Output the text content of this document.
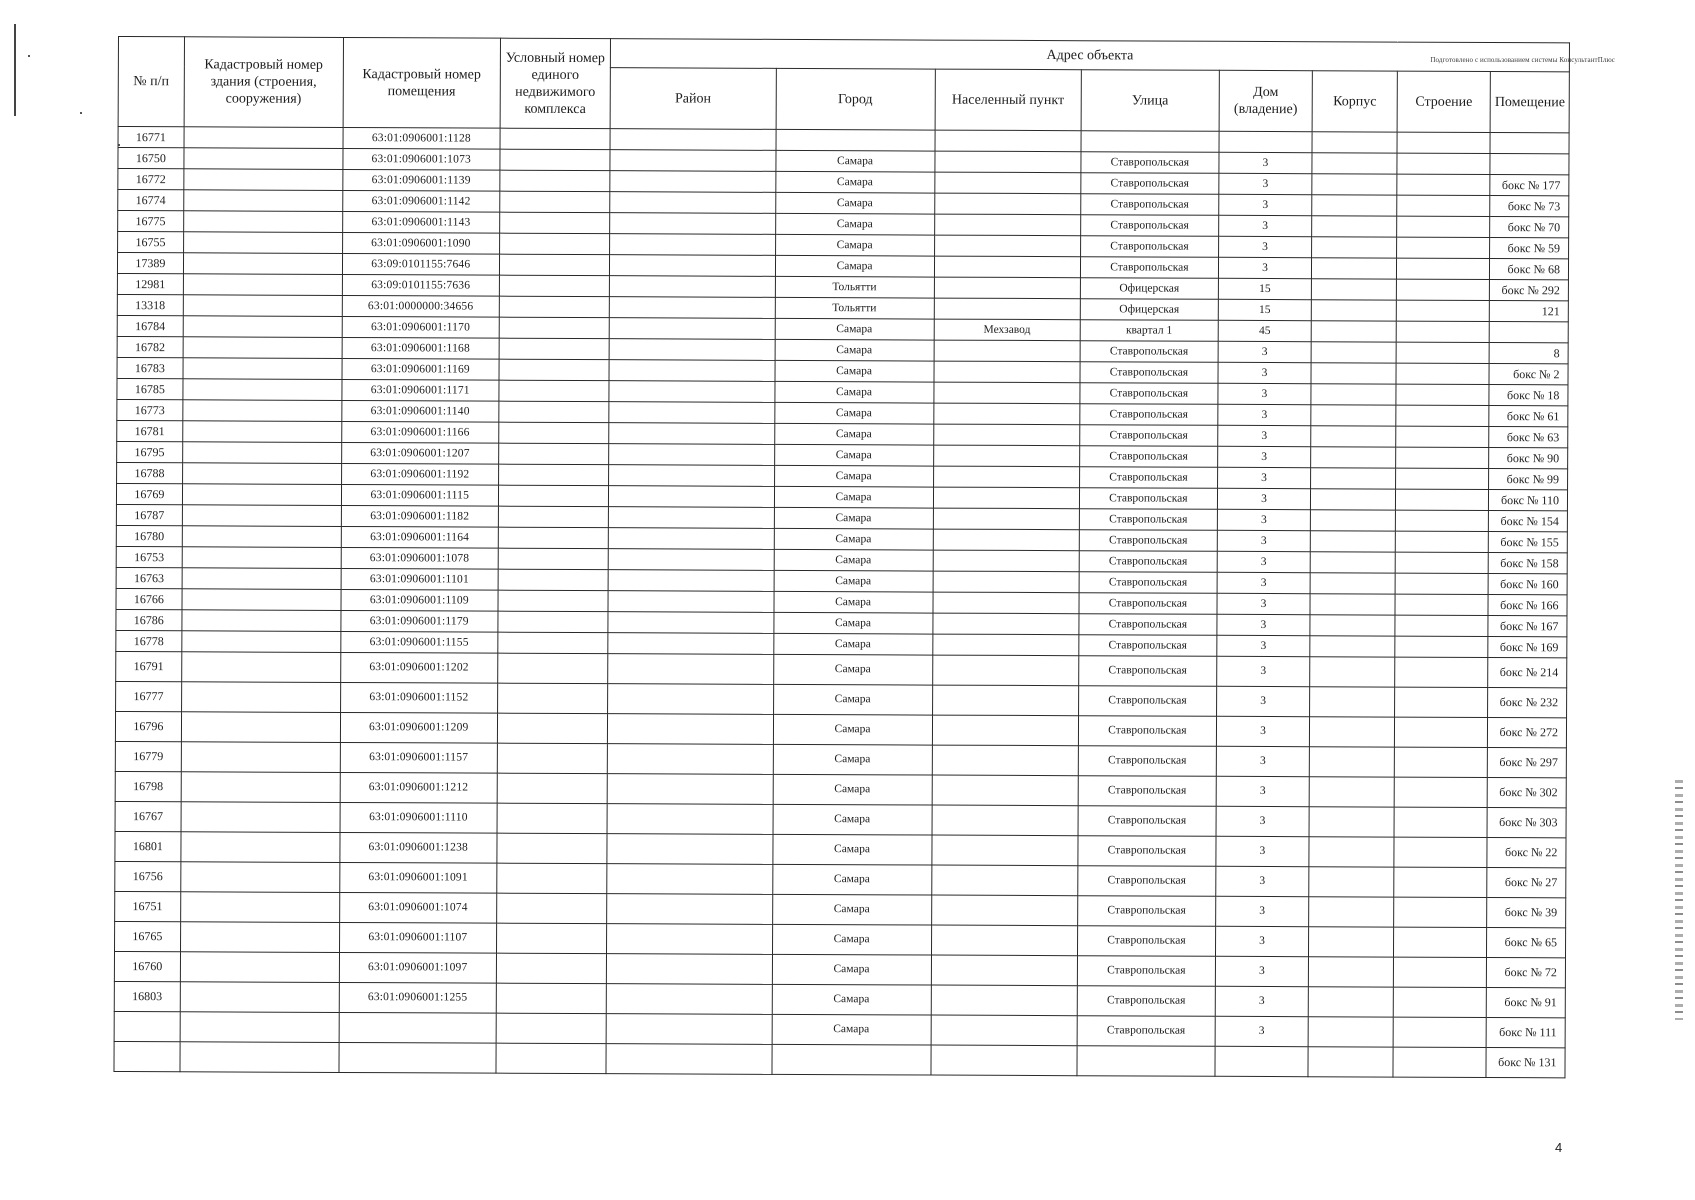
Подготовлено с использованием системы КонсультантПлюс
№ п/п	Кадастровый номер здания (строения, сооружения)	Кадастровый номер помещения	Условный номер единого недвижимого комплекса	Адрес объекта							
				Район	Город	Населенный пункт	Улица	Дом (владение)	Корпус	Строение	Помещение
16771		63:01:0906001:1128									
16750		63:01:0906001:1073			Самара		Ставропольская	3			
16772		63:01:0906001:1139			Самара		Ставропольская	3			бокс № 177
16774		63:01:0906001:1142			Самара		Ставропольская	3			бокс № 73
16775		63:01:0906001:1143			Самара		Ставропольская	3			бокс № 70
16755		63:01:0906001:1090			Самара		Ставропольская	3			бокс № 59
17389		63:09:0101155:7646			Самара		Ставропольская	3			бокс № 68
12981		63:09:0101155:7636			Тольятти		Офицерская	15			бокс № 292
13318		63:01:0000000:34656			Тольятти		Офицерская	15			121
16784		63:01:0906001:1170			Самара	Мехзавод	квартал 1	45			
16782		63:01:0906001:1168			Самара		Ставропольская	3			8
16783		63:01:0906001:1169			Самара		Ставропольская	3			бокс № 2
16785		63:01:0906001:1171			Самара		Ставропольская	3			бокс № 18
16773		63:01:0906001:1140			Самара		Ставропольская	3			бокс № 61
16781		63:01:0906001:1166			Самара		Ставропольская	3			бокс № 63
16795		63:01:0906001:1207			Самара		Ставропольская	3			бокс № 90
16788		63:01:0906001:1192			Самара		Ставропольская	3			бокс № 99
16769		63:01:0906001:1115			Самара		Ставропольская	3			бокс № 110
16787		63:01:0906001:1182			Самара		Ставропольская	3			бокс № 154
16780		63:01:0906001:1164			Самара		Ставропольская	3			бокс № 155
16753		63:01:0906001:1078			Самара		Ставропольская	3			бокс № 158
16763		63:01:0906001:1101			Самара		Ставропольская	3			бокс № 160
16766		63:01:0906001:1109			Самара		Ставропольская	3			бокс № 166
16786		63:01:0906001:1179			Самара		Ставропольская	3			бокс № 167
16778		63:01:0906001:1155			Самара		Ставропольская	3			бокс № 169
16791		63:01:0906001:1202			Самара		Ставропольская	3			бокс № 214
16777		63:01:0906001:1152			Самара		Ставропольская	3			бокс № 232
16796		63:01:0906001:1209			Самара		Ставропольская	3			бокс № 272
16779		63:01:0906001:1157			Самара		Ставропольская	3			бокс № 297
16798		63:01:0906001:1212			Самара		Ставропольская	3			бокс № 302
16767		63:01:0906001:1110			Самара		Ставропольская	3			бокс № 303
16801		63:01:0906001:1238			Самара		Ставропольская	3			бокс № 22
16756		63:01:0906001:1091			Самара		Ставропольская	3			бокс № 27
16751		63:01:0906001:1074			Самара		Ставропольская	3			бокс № 39
16765		63:01:0906001:1107			Самара		Ставропольская	3			бокс № 65
16760		63:01:0906001:1097			Самара		Ставропольская	3			бокс № 72
16803		63:01:0906001:1255			Самара		Ставропольская	3			бокс № 91
					Самара		Ставропольская	3			бокс № 111
											бокс № 131
4
